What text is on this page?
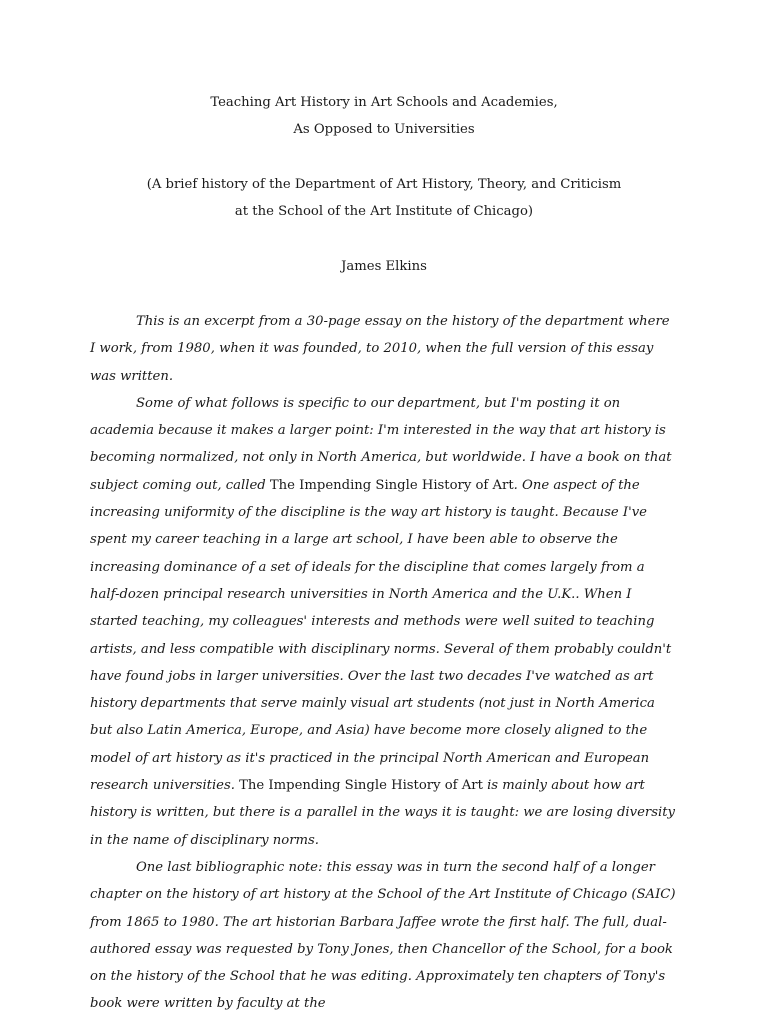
Teaching Art History in Art Schools and Academies,
As Opposed to Universities
(A brief history of the Department of Art History, Theory, and Criticism
at the School of the Art Institute of Chicago)
James Elkins

This is an excerpt from a 30-page essay on the history of the department where I work, from 1980, when it was founded, to 2010, when the full version of this essay was written.

Some of what follows is specific to our department, but I'm posting it on academia because it makes a larger point: I'm interested in the way that art history is becoming normalized, not only in North America, but worldwide. I have a book on that subject coming out, called The Impending Single History of Art. One aspect of the increasing uniformity of the discipline is the way art history is taught. Because I've spent my career teaching in a large art school, I have been able to observe the increasing dominance of a set of ideals for the discipline that comes largely from a half-dozen principal research universities in North America and the U.K.. When I started teaching, my colleagues' interests and methods were well suited to teaching artists, and less compatible with disciplinary norms. Several of them probably couldn't have found jobs in larger universities. Over the last two decades I've watched as art history departments that serve mainly visual art students (not just in North America but also Latin America, Europe, and Asia) have become more closely aligned to the model of art history as it's practiced in the principal North American and European research universities. The Impending Single History of Art is mainly about how art history is written, but there is a parallel in the ways it is taught: we are losing diversity in the name of disciplinary norms.

One last bibliographic note: this essay was in turn the second half of a longer chapter on the history of art history at the School of the Art Institute of Chicago (SAIC) from 1865 to 1980. The art historian Barbara Jaffee wrote the first half. The full, dual-authored essay was requested by Tony Jones, then Chancellor of the School, for a book on the history of the School that he was editing. Approximately ten chapters of Tony's book were written by faculty at the
